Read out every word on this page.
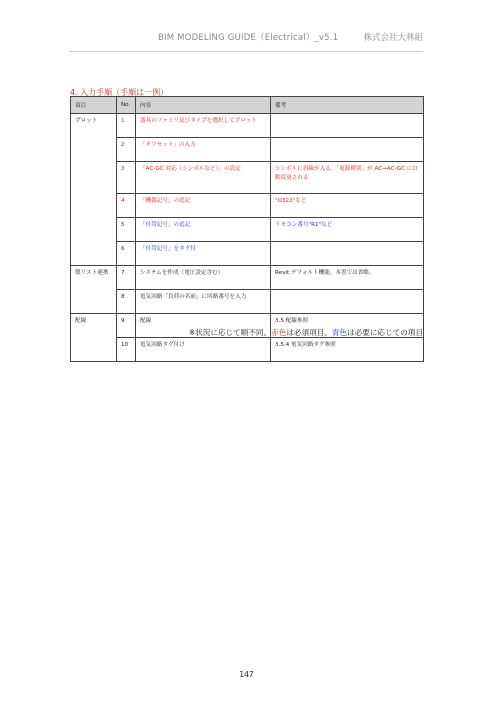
BIM MODELING GUIDE（Electrical）_v5.1	株式会社大林組
4. 入力手順（手順は一例）
項目	No.	内容	備考
プロット	1	器具のファミリ及びタイプを選択してプロット	
	2	「オフセット」の入力	
	3	「AC-GC 対応（シンボルなど）」の設定	シンボルに斜線が入る。「電源種別」が AC→AC-GC に自動変更される
	4	「機器記号」の追記	"O322"など
	5	「付帯記号」の追記	リモコン番号"R1"など
	6	「付帯記号」をタグ付	
盤リスト連携	7	システムを作成（電圧設定含む）	Revit デフォルト機能。本書では省略。
	8	電気回路「負荷の名前」に回路番号を入力	
配線	9	配線	3.5 配線参照
	10	電気回路タグ付け	3.5.4 電気回路タグ参照
※状況に応じて順不同。赤色は必須項目、青色は必要に応じての項目
147
